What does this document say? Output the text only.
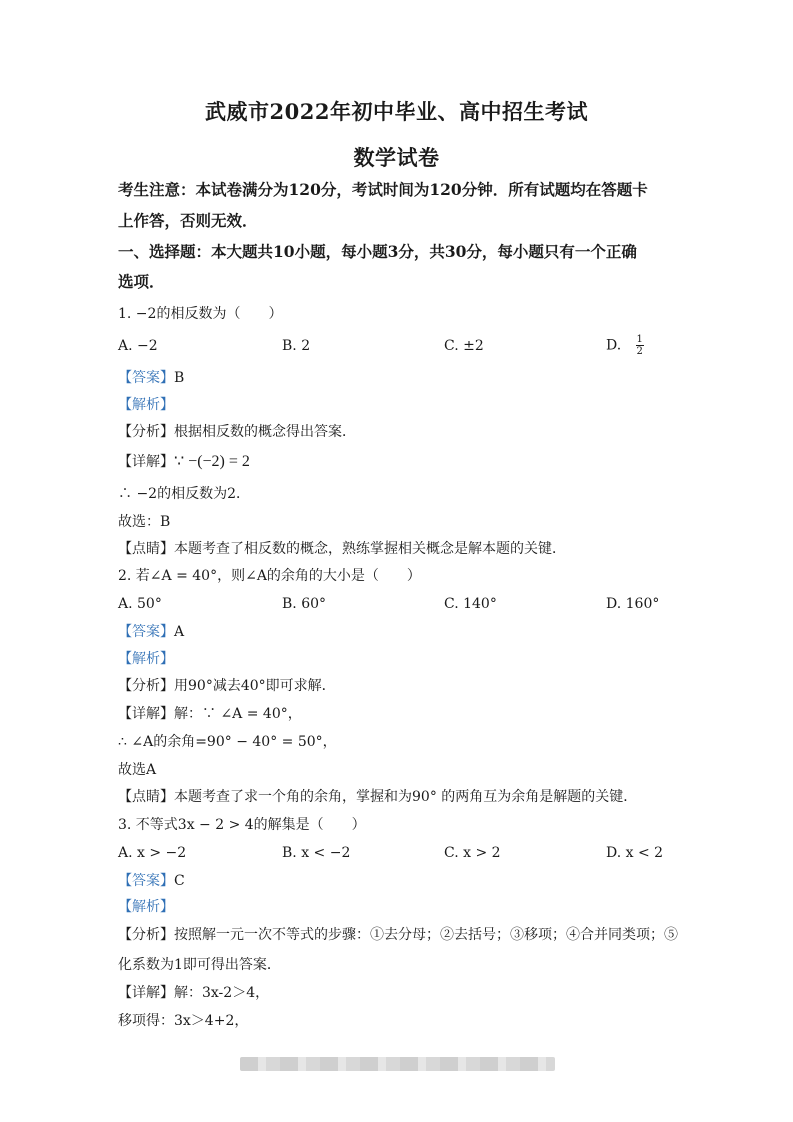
武威市2022年初中毕业、高中招生考试
数学试卷
考生注意：本试卷满分为120分，考试时间为120分钟．所有试题均在答题卡
上作答，否则无效．
一、选择题：本大题共10小题，每小题3分，共30分，每小题只有一个正确
选项．
1. −2的相反数为（　　）
A. −2	B. 2	C. ±2	D. $\frac{1}{2}$
【答案】B
【解析】
【分析】根据相反数的概念得出答案．
【详解】∵ −(−2) = 2
∴ −2的相反数为2．
故选：B
【点睛】本题考查了相反数的概念，熟练掌握相关概念是解本题的关键．
2. 若∠A = 40°，则∠A的余角的大小是（　　）
A. 50°	B. 60°	C. 140°	D. 160°
【答案】A
【解析】
【分析】用90°减去40°即可求解．
【详解】解：∵ ∠A = 40°，
∴ ∠A的余角=90° − 40° = 50°，
故选A
【点睛】本题考查了求一个角的余角，掌握和为90° 的两角互为余角是解题的关键．
3. 不等式3x − 2 > 4的解集是（　　）
A. x > −2	B. x < −2	C. x > 2	D. x < 2
【答案】C
【解析】
【分析】按照解一元一次不等式的步骤：①去分母；②去括号；③移项；④合并同类项；⑤
化系数为1即可得出答案．
【详解】解：3x-2＞4，
移项得：3x＞4+2，
